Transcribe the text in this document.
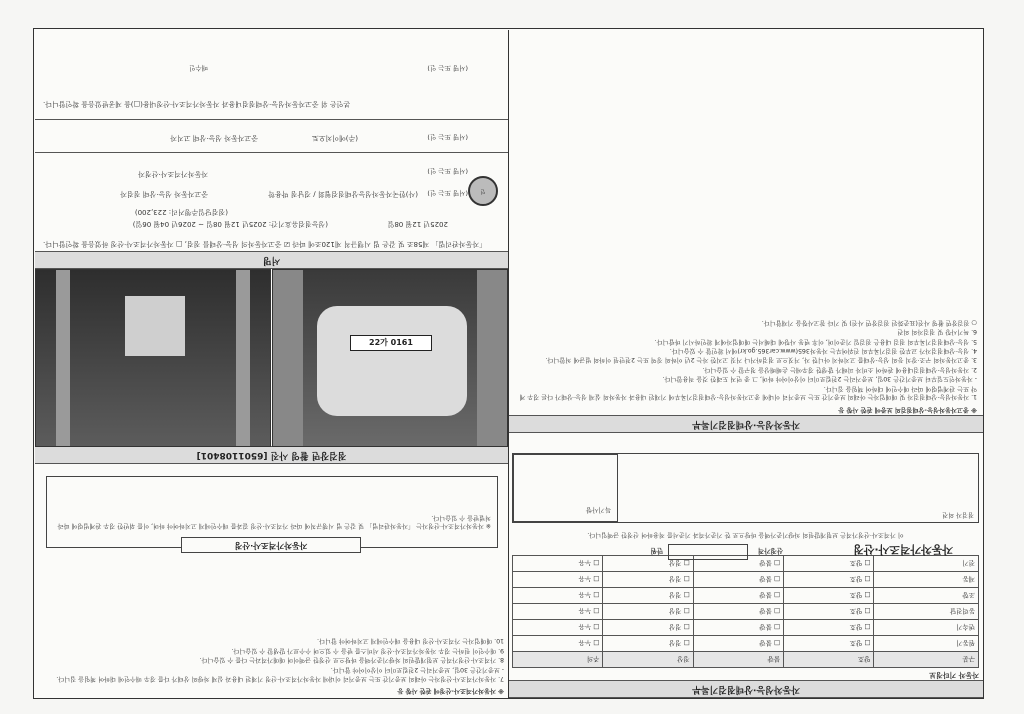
자동차성능·상태점검기록부
자동차 기타정보
구분	양호	불량	정상	주의
원동기	□ 양호	□ 불량	□ 정상	□ 누유
변속기	□ 양호	□ 불량	□ 정상	□ 누유
동력전달	□ 양호	□ 불량	□ 정상	□ 누유
조향	□ 양호	□ 불량	□ 정상	□ 누유
제동	□ 양호	□ 불량	□ 정상	□ 누유
전기	□ 양호	□ 불량	□ 정상	□ 누유
자동차가격조사·산정
만원	산정가격
이 가격조사·산정가격은 보험개발원의 차량기준가액을 바탕으로 한 기준가격과 기준서를 적용하여 산정한 금액입니다.
점검자 의견
특기사항
자동차성능·상태점검기록부
※ 중고자동차성능·상태점검의 보증에 관한 사항 등

1. 자동차성능·상태점검자 및 매매업자는 아래의 보증기간 또는 보증거리 이내에 중고자동차성능·상태점검기록부에 기재된 내용과 자동차의 실제 성능·상태가 다른 경우 계약 또는 관계법령에 따라 매수인에 대하여 책임을 집니다.

- 자동차인도일부터 보증기간은 30일, 보증거리는 2천킬로미터 이상이어야 하며, 그 중 먼저 도래한 것을 적용합니다.

2. 자동차성능·상태점검내용에 관하여 소비자 피해가 발생한 경우에는 손해배상을 청구할 수 있습니다.

3. 중고자동차의 구조·장치 등의 성능·상태를 고지하지 아니한 자, 거짓으로 점검하거나 거짓 고지한 자는 2년 이하의 징역 또는 2천만원 이하의 벌금에 처합니다.

4. 성능·상태점검자가 교부한 점검기록부의 진위여부는 자동차365(www.car365.go.kr)에서 확인할 수 있습니다.

5. 성능·상태점검기록부의 점검 내용은 점검일 기준이며, 이후 변동 사항에 대해서는 매매업자에게 확인하시기 바랍니다.

6. 특기사항 및 점검자의 의견

○ 점검장면 촬영 사진(표준화된 점검장면 사진) 및 기타 참고사항을 기재합니다.

※ 자동차가격조사·산정에 관한 사항 등

7. 자동차가격조사·산정자는 아래의 보증기간 또는 보증거리 이내에 자동차가격조사·산정 기재된 내용과 실제 차량의 상태가 다를 경우 매수인에 대하여 책임을 집니다.

- 보증기간은 30일, 보증거리는 2천킬로미터 이상이어야 합니다.

8. 가격조사·산정가격은 보험개발원의 차량기준가액을 바탕으로 산정한 금액이며 매매가격과는 다를 수 있습니다.

9. 매수인이 원하는 경우 자동차가격조사·산정 서비스를 받을 수 있으며 수수료가 발생할 수 있습니다.

10. 매매업자는 가격조사·산정 내용을 매수인에게 고지하여야 합니다.

자동차가격조사·산정
※ 자동차가격조사·산정자는 「자동차관리법」 및 같은 법 시행규칙에 따라 가격조사·산정 결과를 매수인에게 고지하여야 하며, 이를 위반한 경우 관계법령에 따라 처벌받을 수 있습니다.
점검장면 촬영 사진 [6501108401]
22가 0161
서명
「자동차관리법」 제58조 및 같은 법 시행규칙 제120조에 따라 ☑ 중고자동차의 성능·상태를 점검, □ 자동차가격조사·산정 하였음을 확인합니다.
(성능점검유효기간: 2025년 12월 08일 ~ 2026년 04월 06일)	2025년 12월 08일
(점검당일주행거리: 223,200)
중고자동차 성능·상태 점검자	(사)한국자동차성능상태점검협회 / 경남점 박용학 (서명 또는 인)	인
자동차가격조사·산정자	(서명 또는 인)
중고자동차 성능·상태 고지자	(주)에이치오토	(서명 또는 인)
본인은 위 중고자동차성능·상태점검내용과 자동차가격조사·산정내용(□)을 제공받았음을 확인합니다.
매수인	(서명 또는 인)
